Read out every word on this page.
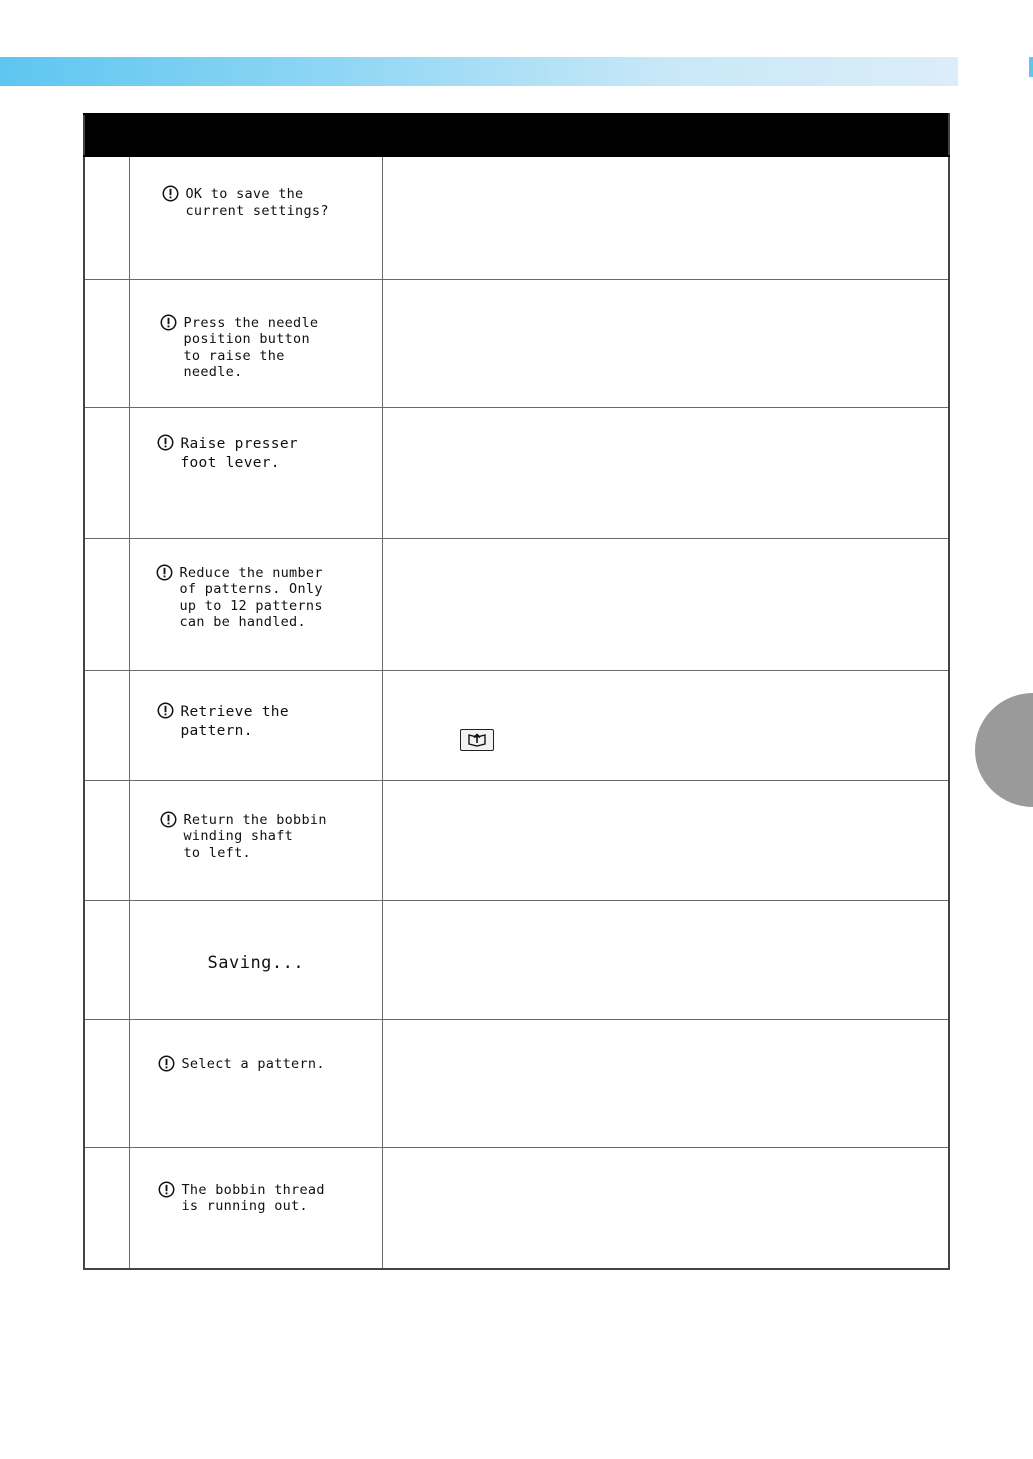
	OK to save the
current settings?	

	Press the needle
position button
to raise the
needle.	

	Raise presser
foot lever.	

	Reduce the number
of patterns. Only
up to 12 patterns
can be handled.	

	Retrieve the
pattern.

	Return the bobbin
winding shaft
to left.	

	Saving...	

	Select a pattern.	

	The bobbin thread
is running out.	
